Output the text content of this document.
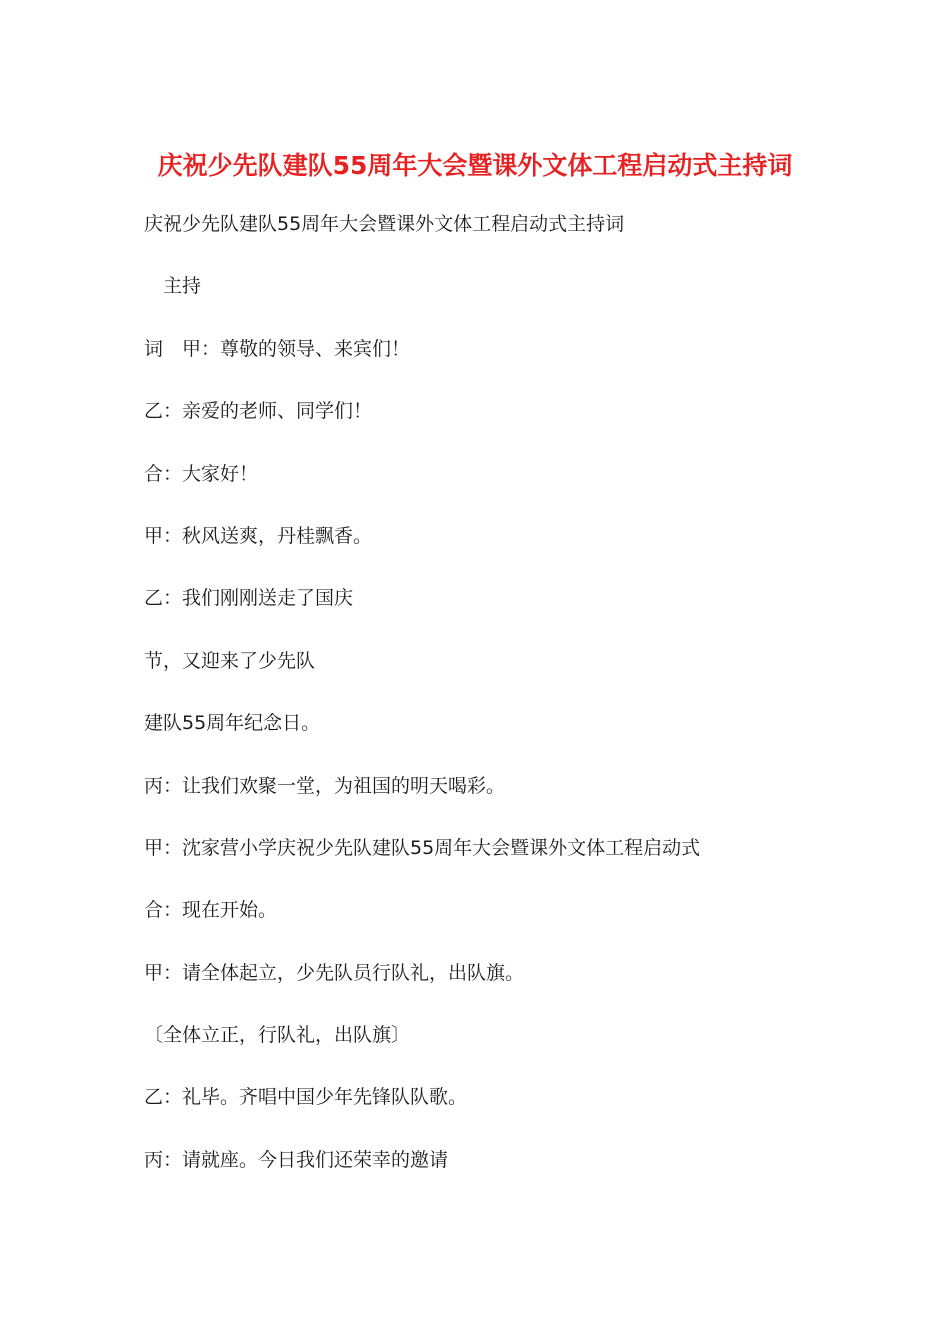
庆祝少先队建队55周年大会暨课外文体工程启动式主持词
庆祝少先队建队55周年大会暨课外文体工程启动式主持词
主持
词　甲：尊敬的领导、来宾们！
乙：亲爱的老师、同学们！
合：大家好！
甲：秋风送爽，丹桂飘香。
乙：我们刚刚送走了国庆
节，又迎来了少先队
建队55周年纪念日。
丙：让我们欢聚一堂，为祖国的明天喝彩。
甲：沈家营小学庆祝少先队建队55周年大会暨课外文体工程启动式
合：现在开始。
甲：请全体起立，少先队员行队礼，出队旗。
〔全体立正，行队礼，出队旗〕
乙：礼毕。齐唱中国少年先锋队队歌。
丙：请就座。今日我们还荣幸的邀请
